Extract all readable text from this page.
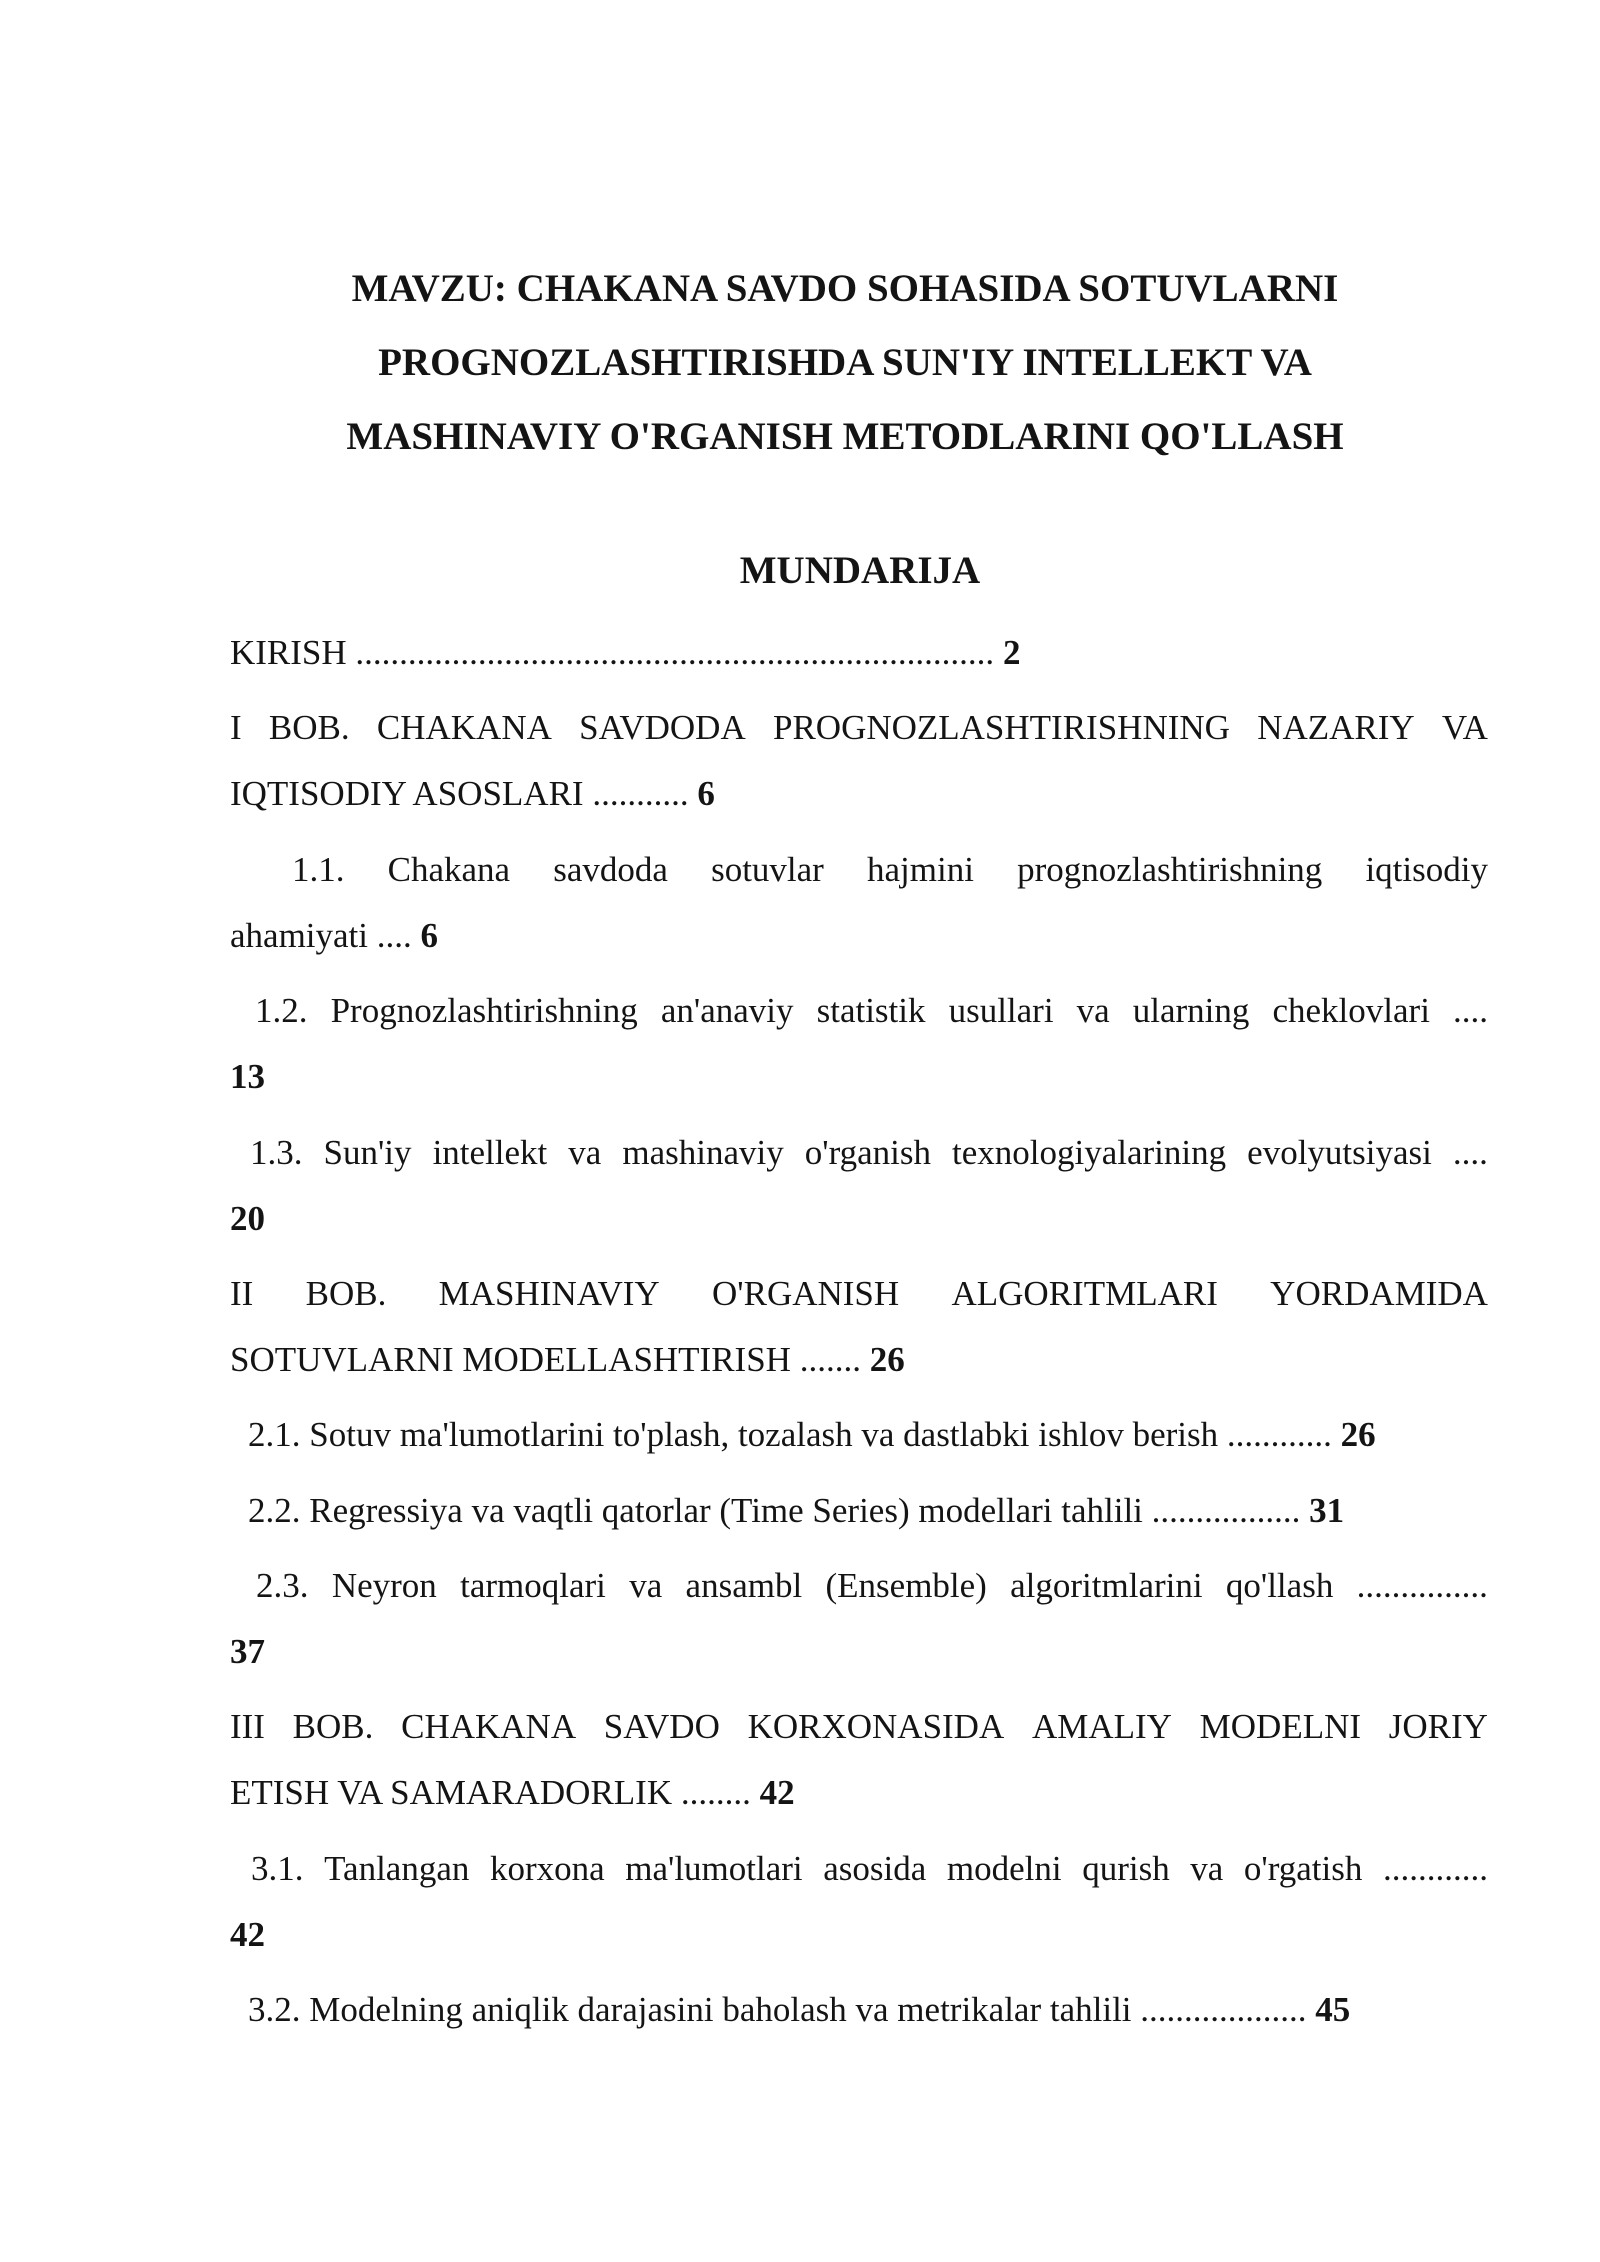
MAVZU: CHAKANA SAVDO SOHASIDA SOTUVLARNI
PROGNOZLASHTIRISHDA SUN'IY INTELLEKT VA
MASHINAVIY O'RGANISH METODLARINI QO'LLASH
MUNDARIJA
KIRISH ......................................................................... 2
I BOB. CHAKANA SAVDODA PROGNOZLASHTIRISHNING NAZARIY VA
IQTISODIY ASOSLARI ........... 6
1.1. Chakana savdoda sotuvlar hajmini prognozlashtirishning iqtisodiy
ahamiyati .... 6
1.2. Prognozlashtirishning an'anaviy statistik usullari va ularning cheklovlari ....
13
1.3. Sun'iy intellekt va mashinaviy o'rganish texnologiyalarining evolyutsiyasi ....
20
II BOB. MASHINAVIY O'RGANISH ALGORITMLARI YORDAMIDA
SOTUVLARNI MODELLASHTIRISH ....... 26
2.1. Sotuv ma'lumotlarini to'plash, tozalash va dastlabki ishlov berish ............ 26
2.2. Regressiya va vaqtli qatorlar (Time Series) modellari tahlili ................. 31
2.3. Neyron tarmoqlari va ansambl (Ensemble) algoritmlarini qo'llash ...............
37
III BOB. CHAKANA SAVDO KORXONASIDA AMALIY MODELNI JORIY
ETISH VA SAMARADORLIK ........ 42
3.1. Tanlangan korxona ma'lumotlari asosida modelni qurish va o'rgatish ............
42
3.2. Modelning aniqlik darajasini baholash va metrikalar tahlili ................... 45
